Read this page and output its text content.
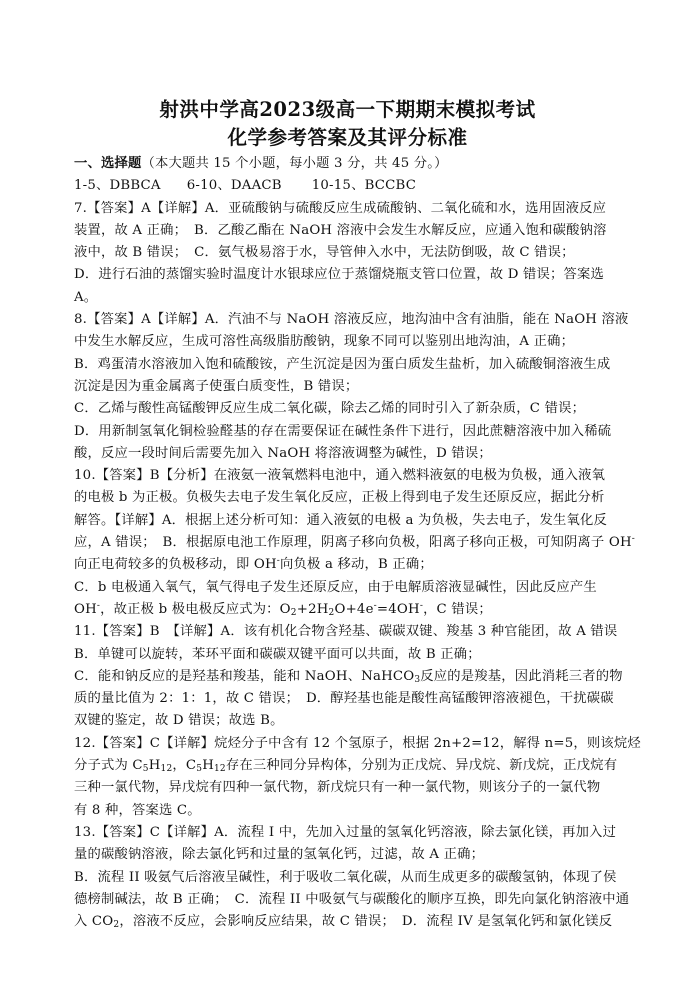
射洪中学高2023级高一下期期末模拟考试
化学参考答案及其评分标准
一、选择题（本大题共 15 个小题，每小题 3 分，共 45 分。）
1-5、DBBCA 6-10、DAACB 10-15、BCCBC
7.【答案】A【详解】A．亚硫酸钠与硫酸反应生成硫酸钠、二氧化硫和水，选用固液反应
装置，故 A 正确；　B．乙酸乙酯在 NaOH 溶液中会发生水解反应，应通入饱和碳酸钠溶
液中，故 B 错误；　C．氨气极易溶于水，导管伸入水中，无法防倒吸，故 C 错误；
D．进行石油的蒸馏实验时温度计水银球应位于蒸馏烧瓶支管口位置，故 D 错误；答案选
A。
8.【答案】A【详解】A．汽油不与 NaOH 溶液反应，地沟油中含有油脂，能在 NaOH 溶液
中发生水解反应，生成可溶性高级脂肪酸钠，现象不同可以鉴别出地沟油，A 正确；
B．鸡蛋清水溶液加入饱和硫酸铵，产生沉淀是因为蛋白质发生盐析，加入硫酸铜溶液生成
沉淀是因为重金属离子使蛋白质变性，B 错误；
C．乙烯与酸性高锰酸钾反应生成二氧化碳，除去乙烯的同时引入了新杂质，C 错误；
D．用新制氢氧化铜检验醛基的存在需要保证在碱性条件下进行，因此蔗糖溶液中加入稀硫
酸，反应一段时间后需要先加入 NaOH 将溶液调整为碱性，D 错误；
10.【答案】B【分析】在液氨一液氧燃料电池中，通入燃料液氨的电极为负极，通入液氧
的电极 b 为正极。负极失去电子发生氧化反应，正极上得到电子发生还原反应，据此分析
解答。【详解】A．根据上述分析可知：通入液氨的电极 a 为负极，失去电子，发生氧化反
应，A 错误；　B．根据原电池工作原理，阴离子移向负极，阳离子移向正极，可知阴离子 OH-
向正电荷较多的负极移动，即 OH-向负极 a 移动，B 正确；
C．b 电极通入氧气，氧气得电子发生还原反应，由于电解质溶液显碱性，因此反应产生
OH-，故正极 b 极电极反应式为：$O_2+2H_2O+4e^-=4OH^-$，C 错误；
11.【答案】B　【详解】A．该有机化合物含羟基、碳碳双键、羧基 3 种官能团，故 A 错误
B．单键可以旋转，苯环平面和碳碳双键平面可以共面，故 B 正确；
C．能和钠反应的是羟基和羧基，能和 NaOH、NaHCO$_3$反应的是羧基，因此消耗三者的物
质的量比值为 2：1：1，故 C 错误；　D．醇羟基也能是酸性高锰酸钾溶液褪色，干扰碳碳
双键的鉴定，故 D 错误；故选 B。
12.【答案】C【详解】烷烃分子中含有 12 个氢原子，根据 2n+2=12，解得 n=5，则该烷烃
分子式为 $C_5H_{12}$，$C_5H_{12}$存在三种同分异构体，分别为正戊烷、异戊烷、新戊烷，正戊烷有
三种一氯代物，异戊烷有四种一氯代物，新戊烷只有一种一氯代物，则该分子的一氯代物
有 8 种，答案选 C。
13.【答案】C【详解】A．流程 I 中，先加入过量的氢氧化钙溶液，除去氯化镁，再加入过
量的碳酸钠溶液，除去氯化钙和过量的氢氧化钙，过滤，故 A 正确；
B．流程 II 吸氨气后溶液呈碱性，利于吸收二氧化碳，从而生成更多的碳酸氢钠，体现了侯
德榜制碱法，故 B 正确；　C．流程 II 中吸氨气与碳酸化的顺序互换，即先向氯化钠溶液中通
入 $CO_2$，溶液不反应，会影响反应结果，故 C 错误；　D．流程 IV 是氢氧化钙和氯化镁反
